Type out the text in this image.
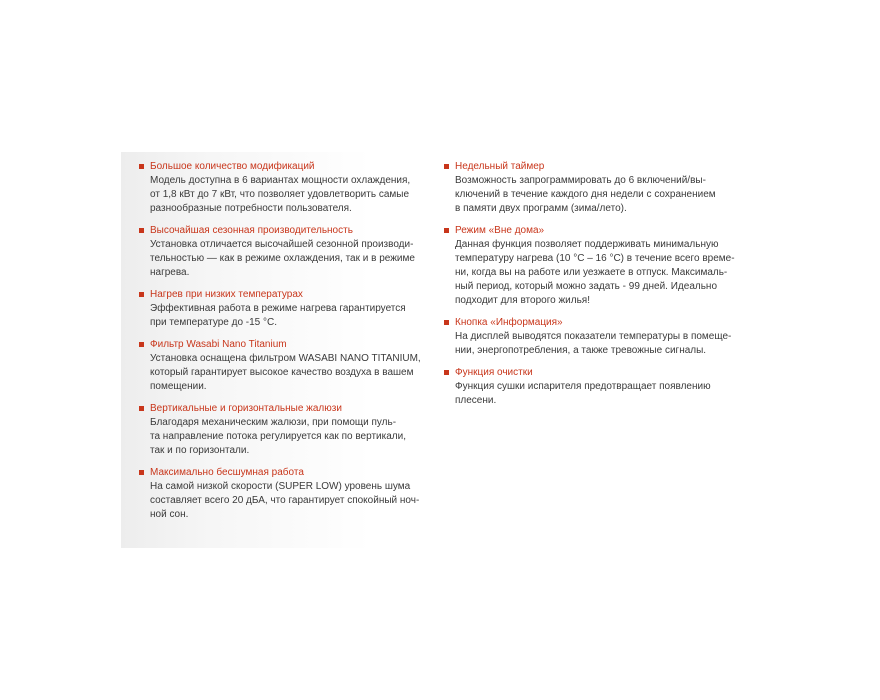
Большое количество модификаций
Модель доступна в 6 вариантах мощности охлаждения,
от 1,8 кВт до 7 кВт, что позволяет удовлетворить самые
разнообразные потребности пользователя.
Высочайшая сезонная производительность
Установка отличается высочайшей сезонной производи-
тельностью — как в режиме охлаждения, так и в режиме
нагрева.
Нагрев при низких температурах
Эффективная работа в режиме нагрева гарантируется
при температуре до -15 °С.
Фильтр Wasabi Nano Titanium
Установка оснащена фильтром WASABI NANO TITANIUM,
который гарантирует высокое качество воздуха в вашем
помещении.
Вертикальные и горизонтальные жалюзи
Благодаря механическим жалюзи, при помощи пуль-
та направление потока регулируется как по вертикали,
так и по горизонтали.
Максимально бесшумная работа
На самой низкой скорости (SUPER LOW) уровень шума
составляет всего 20 дБА, что гарантирует спокойный ноч-
ной сон.
Недельный таймер
Возможность запрограммировать до 6 включений/вы-
ключений в течение каждого дня недели с сохранением
в памяти двух программ (зима/лето).
Режим «Вне дома»
Данная функция позволяет поддерживать минимальную
температуру нагрева (10 °С – 16 °С) в течение всего време-
ни, когда вы на работе или уезжаете в отпуск. Максималь-
ный период, который можно задать - 99 дней. Идеально
подходит для второго жилья!
Кнопка «Информация»
На дисплей выводятся показатели температуры в помеще-
нии, энергопотребления, а также тревожные сигналы.
Функция очистки
Функция сушки испарителя предотвращает появлению
плесени.
